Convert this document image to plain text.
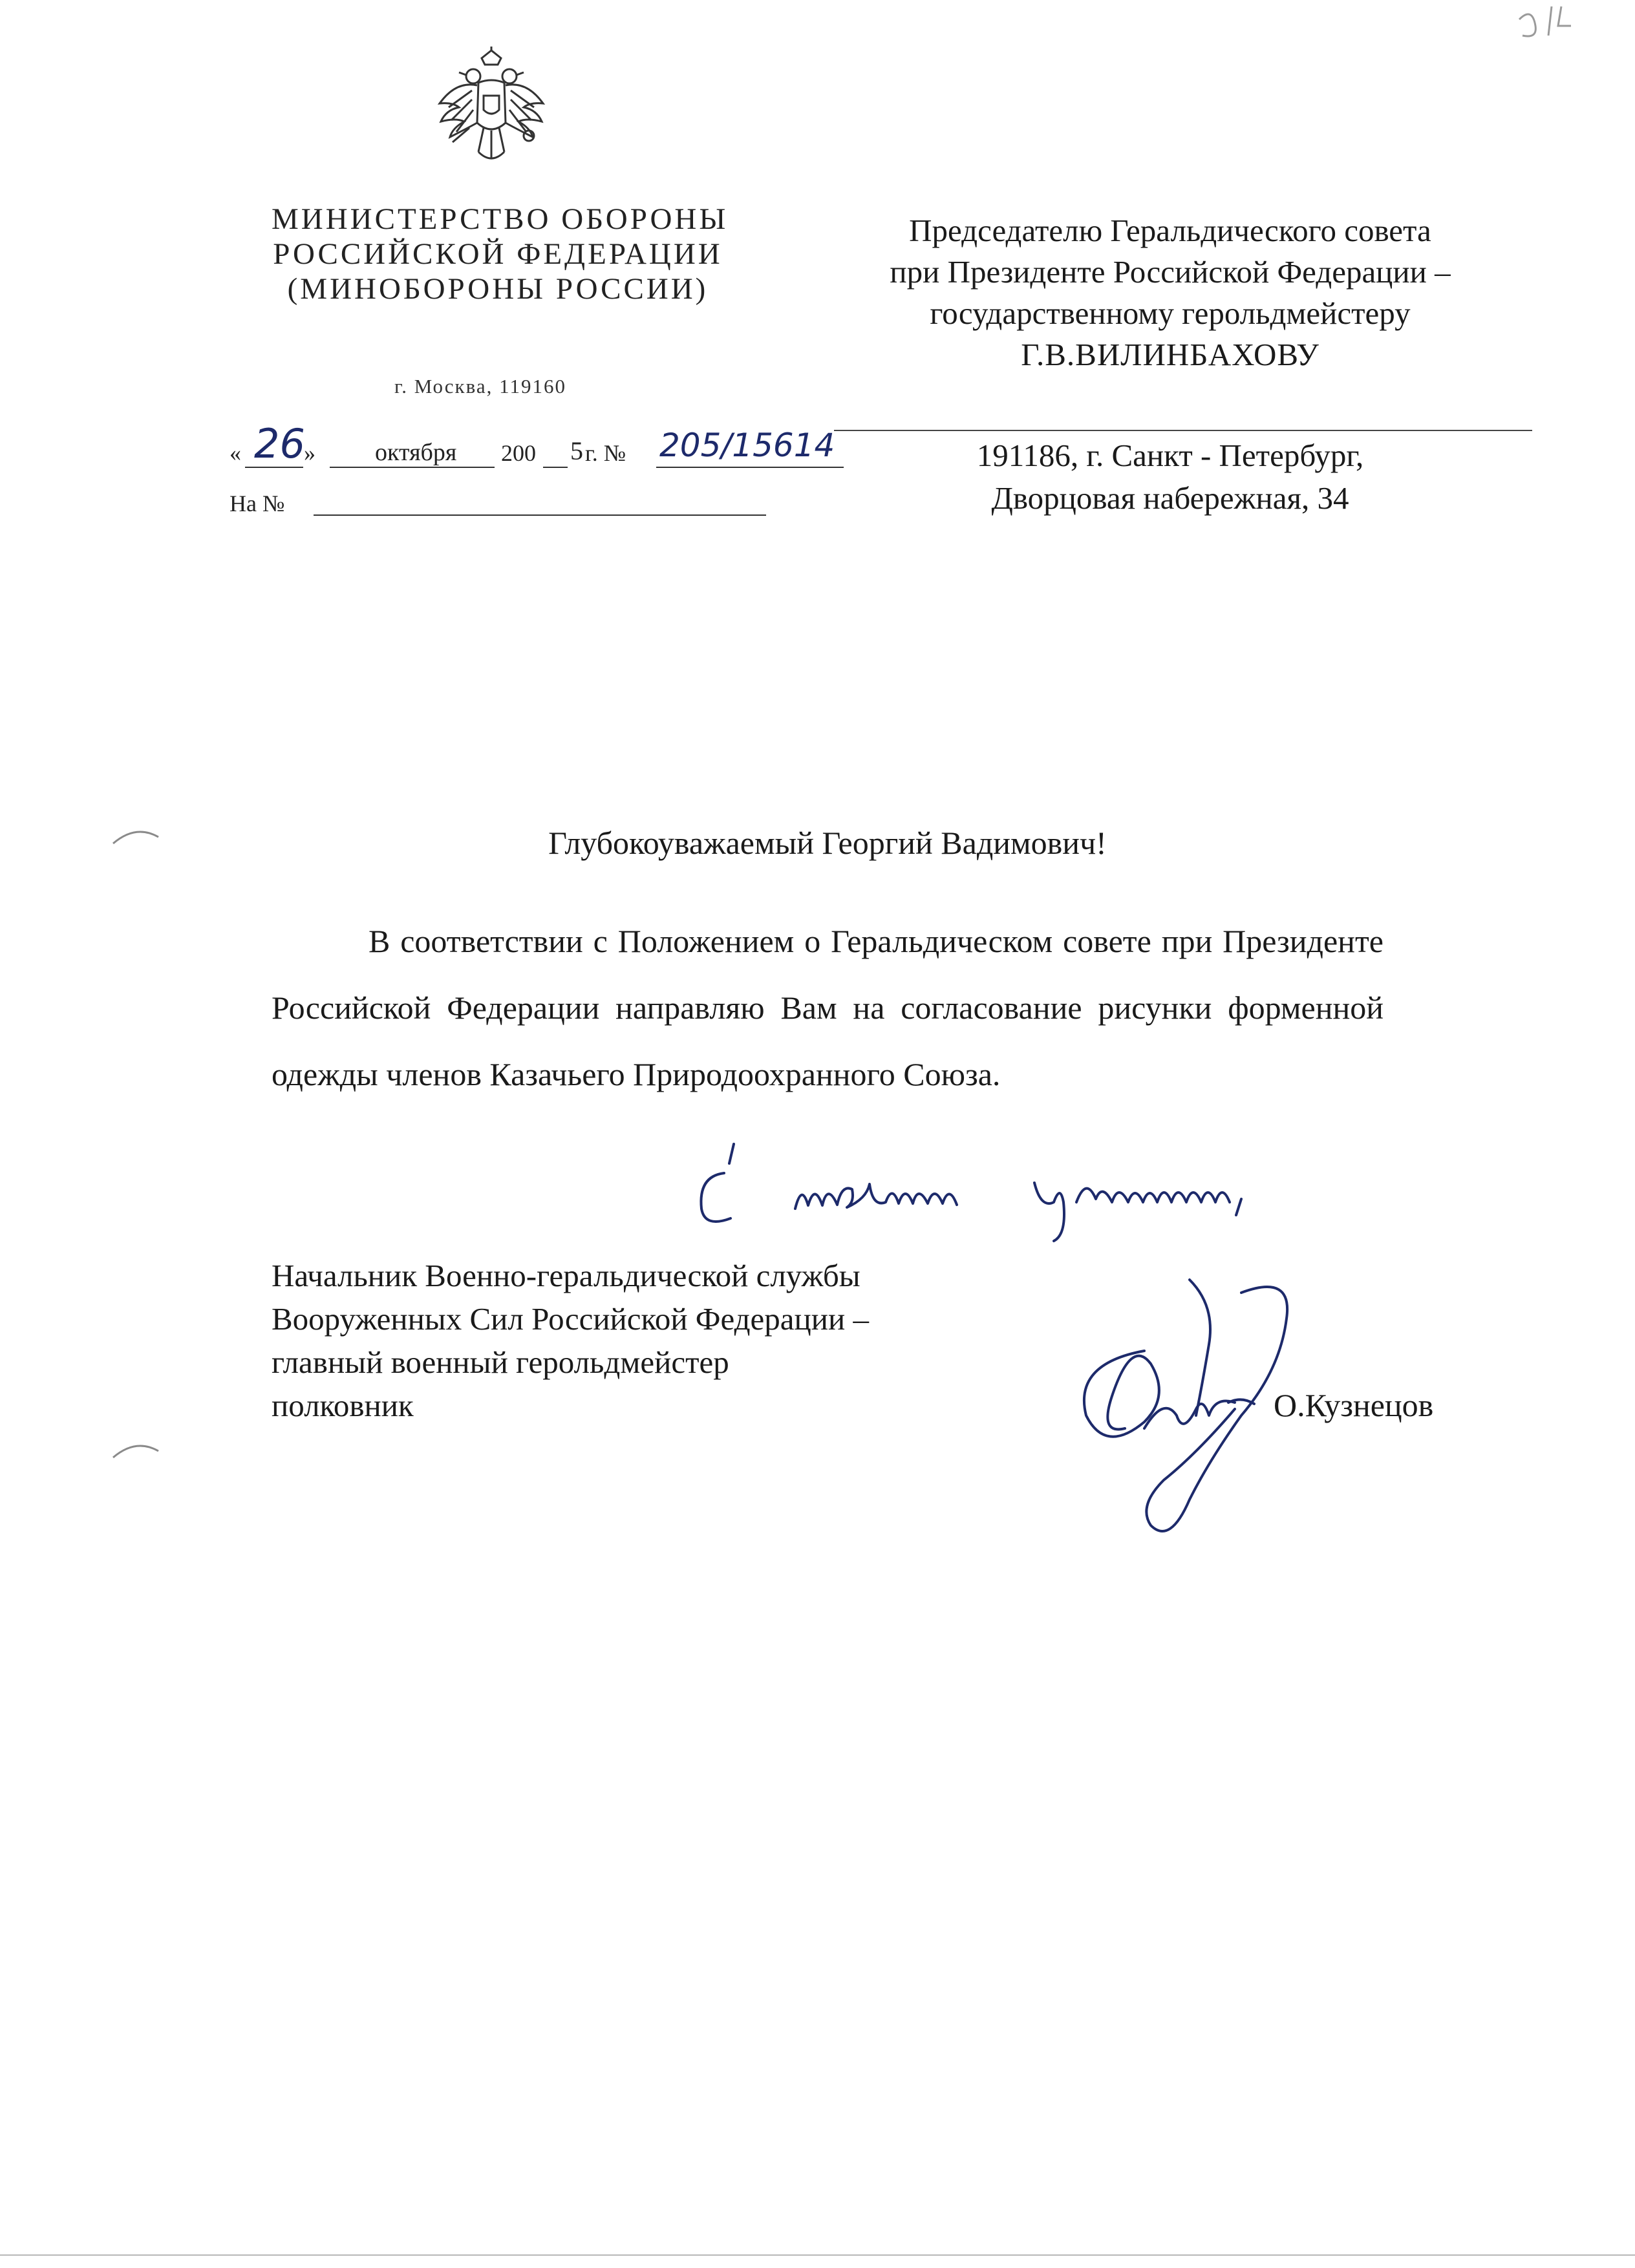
МИНИСТЕРСТВО ОБОРОНЫ
РОССИЙСКОЙ ФЕДЕРАЦИИ
(МИНОБОРОНЫ РОССИИ)
г. Москва, 119160
« 26
» октября 200 5 г. № 205/15614
На №
Председателю Геральдического совета
при Президенте Российской Федерации –
государственному герольдмейстеру
Г.В.ВИЛИНБАХОВУ
191186, г. Санкт - Петербург,
Дворцовая набережная, 34
Глубокоуважаемый Георгий Вадимович!
В соответствии с Положением о Геральдическом совете при Президенте
Российской Федерации направляю Вам на согласование рисунки форменной
одежды членов Казачьего Природоохранного Союза.
Начальник Военно-геральдической службы
Вооруженных Сил Российской Федерации –
главный военный герольдмейстер
полковник	О.Кузнецов
